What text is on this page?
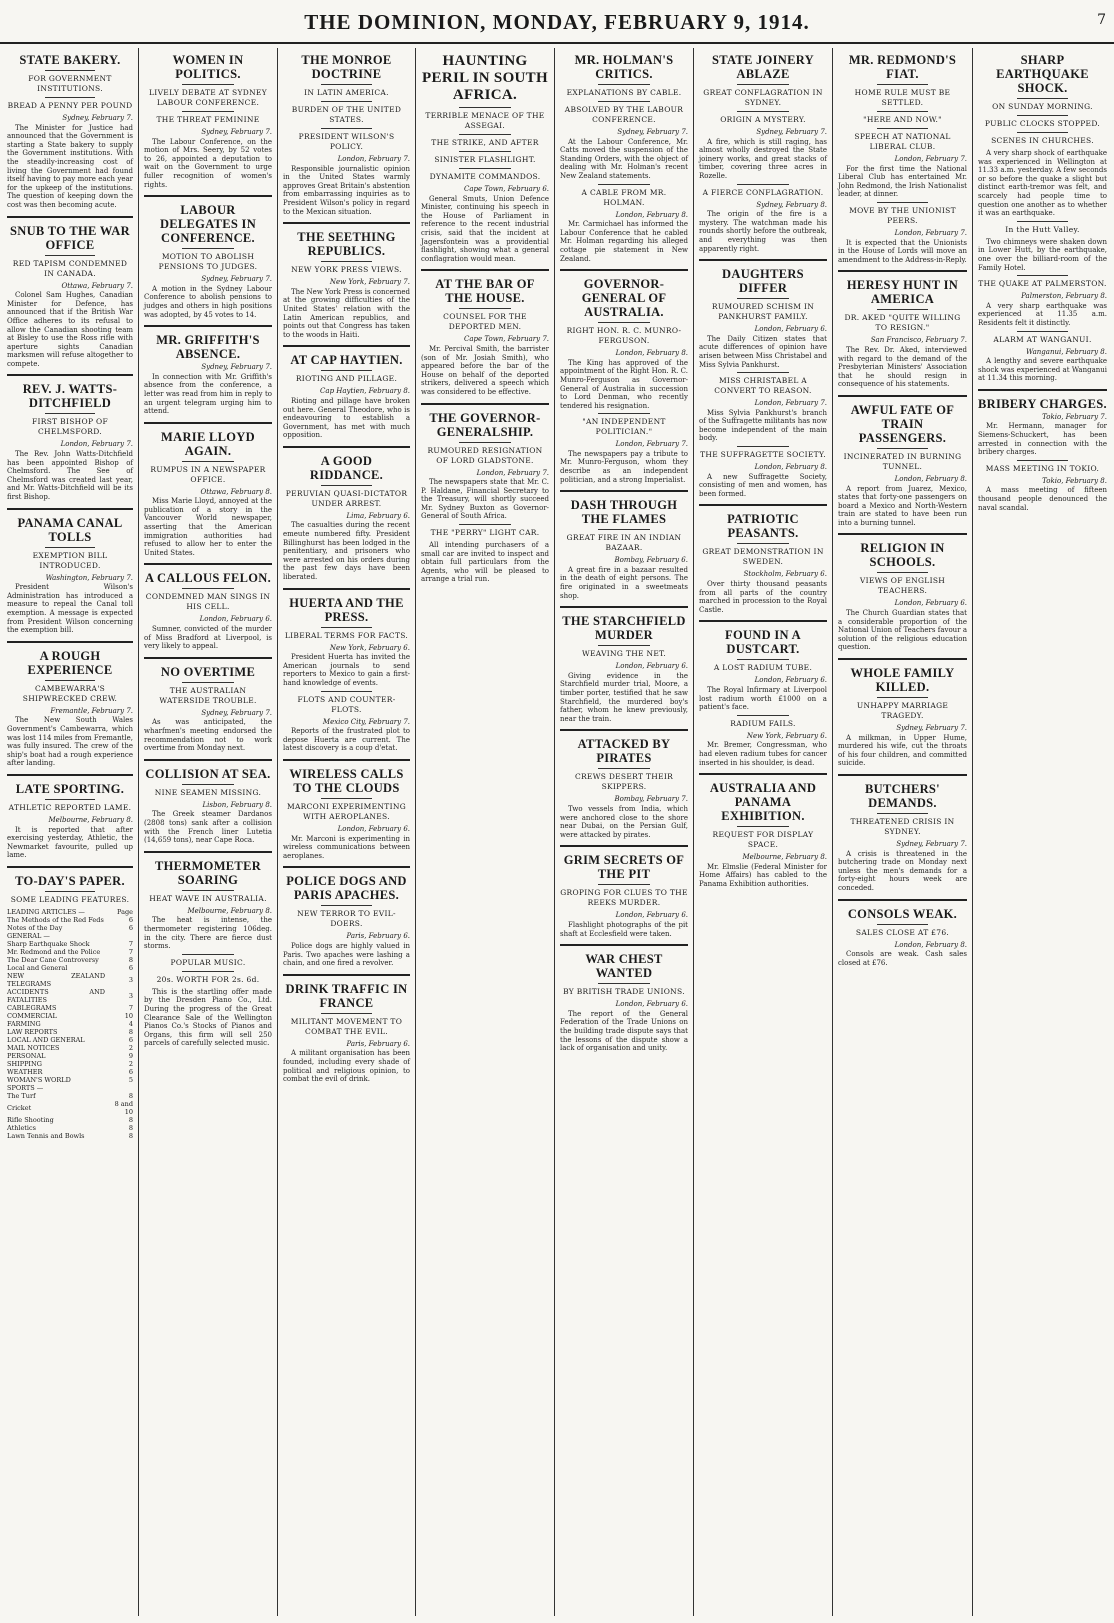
THE DOMINION, MONDAY, FEBRUARY 9, 1914.	7
STATE BAKERY.
FOR GOVERNMENT INSTITUTIONS.
BREAD A PENNY PER POUND
Sydney, February 7.
The Minister for Justice had announced that the Government is starting a State bakery to supply the Government institutions. With the steadily-increasing cost of living the Government had found itself having to pay more each year for the upkeep of the institutions. The question of keeping down the cost was then becoming acute.
SNUB TO THE WAR OFFICE
RED TAPISM CONDEMNED IN CANADA.
Ottawa, February 7.
Colonel Sam Hughes, Canadian Minister for Defence, has announced that if the British War Office adheres to its refusal to allow the Canadian shooting team at Bisley to use the Ross rifle with aperture sights Canadian marksmen will refuse altogether to compete.
REV. J. WATTS-DITCHFIELD
FIRST BISHOP OF CHELMSFORD.
London, February 7.
The Rev. John Watts-Ditchfield has been appointed Bishop of Chelmsford. The See of Chelmsford was created last year, and Mr. Watts-Ditchfield will be its first Bishop.
PANAMA CANAL TOLLS
EXEMPTION BILL INTRODUCED.
Washington, February 7.
President Wilson's Administration has introduced a measure to repeal the Canal toll exemption. A message is expected from President Wilson concerning the exemption bill.
A ROUGH EXPERIENCE
CAMBEWARRA'S SHIPWRECKED CREW.
Fremantle, February 7.
The New South Wales Government's Cambewarra, which was lost 114 miles from Fremantle, was fully insured. The crew of the ship's boat had a rough experience after landing.
LATE SPORTING.
ATHLETIC REPORTED LAME.
Melbourne, February 8.
It is reported that after exercising yesterday, Athletic, the Newmarket favourite, pulled up lame.
TO-DAY'S PAPER.
SOME LEADING FEATURES.
LEADING ARTICLES —	Page
The Methods of the Red Feds	6
Notes of the Day	6
GENERAL —	
Sharp Earthquake Shock	7
Mr. Redmond and the Police	7
The Dear Cane Controversy	8
Local and General	6
NEW ZEALAND TELEGRAMS	3
ACCIDENTS AND FATALITIES	3
CABLEGRAMS	7
COMMERCIAL	10
FARMING	4
LAW REPORTS	8
LOCAL AND GENERAL	6
MAIL NOTICES	2
PERSONAL	9
SHIPPING	2
WEATHER	6
WOMAN'S WORLD	5
SPORTS —	
The Turf	8
Cricket	8 and 10
Rifle Shooting	8
Athletics	8
Lawn Tennis and Bowls	8
WOMEN IN POLITICS.
LIVELY DEBATE AT SYDNEY LABOUR CONFERENCE.
THE THREAT FEMININE
Sydney, February 7.
The Labour Conference, on the motion of Mrs. Seery, by 52 votes to 26, appointed a deputation to wait on the Government to urge fuller recognition of women's rights.
LABOUR DELEGATES IN CONFERENCE.
MOTION TO ABOLISH PENSIONS TO JUDGES.
Sydney, February 7.
A motion in the Sydney Labour Conference to abolish pensions to judges and others in high positions was adopted, by 45 votes to 14.
MR. GRIFFITH'S ABSENCE.
Sydney, February 7.
In connection with Mr. Griffith's absence from the conference, a letter was read from him in reply to an urgent telegram urging him to attend.
MARIE LLOYD AGAIN.
RUMPUS IN A NEWSPAPER OFFICE.
Ottawa, February 8.
Miss Marie Lloyd, annoyed at the publication of a story in the Vancouver World newspaper, asserting that the American immigration authorities had refused to allow her to enter the United States.
A CALLOUS FELON.
CONDEMNED MAN SINGS IN HIS CELL.
London, February 6.
Sumner, convicted of the murder of Miss Bradford at Liverpool, is very likely to appeal.
NO OVERTIME
THE AUSTRALIAN WATERSIDE TROUBLE.
Sydney, February 7.
As was anticipated, the wharfmen's meeting endorsed the recommendation not to work overtime from Monday next.
COLLISION AT SEA.
NINE SEAMEN MISSING.
Lisbon, February 8.
The Greek steamer Dardanos (2808 tons) sank after a collision with the French liner Lutetia (14,659 tons), near Cape Roca.
THERMOMETER SOARING
HEAT WAVE IN AUSTRALIA.
Melbourne, February 8.
The heat is intense, the thermometer registering 106deg. in the city. There are fierce dust storms.
POPULAR MUSIC.
20s. WORTH FOR 2s. 6d.
This is the startling offer made by the Dresden Piano Co., Ltd. During the progress of the Great Clearance Sale of the Wellington Pianos Co.'s Stocks of Pianos and Organs, this firm will sell 250 parcels of carefully selected music.
THE MONROE DOCTRINE
IN LATIN AMERICA.
BURDEN OF THE UNITED STATES.
PRESIDENT WILSON'S POLICY.
London, February 7.
Responsible journalistic opinion in the United States warmly approves Great Britain's abstention from embarrassing inquiries as to President Wilson's policy in regard to the Mexican situation.
THE SEETHING REPUBLICS.
NEW YORK PRESS VIEWS.
New York, February 7.
The New York Press is concerned at the growing difficulties of the United States' relation with the Latin American republics, and points out that Congress has taken to the woods in Haiti.
AT CAP HAYTIEN.
RIOTING AND PILLAGE.
Cap Haytien, February 8.
Rioting and pillage have broken out here. General Theodore, who is endeavouring to establish a Government, has met with much opposition.
A GOOD RIDDANCE.
PERUVIAN QUASI-DICTATOR UNDER ARREST.
Lima, February 6.
The casualties during the recent emeute numbered fifty. President Billinghurst has been lodged in the penitentiary, and prisoners who were arrested on his orders during the past few days have been liberated.
HUERTA AND THE PRESS.
LIBERAL TERMS FOR FACTS.
New York, February 6.
President Huerta has invited the American journals to send reporters to Mexico to gain a first-hand knowledge of events.
FLOTS AND COUNTER-FLOTS.
Mexico City, February 7.
Reports of the frustrated plot to depose Huerta are current. The latest discovery is a coup d'etat.
WIRELESS CALLS TO THE CLOUDS
MARCONI EXPERIMENTING WITH AEROPLANES.
London, February 6.
Mr. Marconi is experimenting in wireless communications between aeroplanes.
POLICE DOGS AND PARIS APACHES.
NEW TERROR TO EVIL-DOERS.
Paris, February 6.
Police dogs are highly valued in Paris. Two apaches were lashing a chain, and one fired a revolver.
DRINK TRAFFIC IN FRANCE
MILITANT MOVEMENT TO COMBAT THE EVIL.
Paris, February 6.
A militant organisation has been founded, including every shade of political and religious opinion, to combat the evil of drink.
HAUNTING PERIL IN SOUTH AFRICA.
TERRIBLE MENACE OF THE ASSEGAI.
THE STRIKE, AND AFTER
SINISTER FLASHLIGHT.
DYNAMITE COMMANDOS.
Cape Town, February 6.
General Smuts, Union Defence Minister, continuing his speech in the House of Parliament in reference to the recent industrial crisis, said that the incident at Jagersfontein was a providential flashlight, showing what a general conflagration would mean.
AT THE BAR OF THE HOUSE.
COUNSEL FOR THE DEPORTED MEN.
Cape Town, February 7.
Mr. Percival Smith, the barrister (son of Mr. Josiah Smith), who appeared before the bar of the House on behalf of the deported strikers, delivered a speech which was considered to be effective.
THE GOVERNOR-GENERALSHIP.
RUMOURED RESIGNATION OF LORD GLADSTONE.
London, February 7.
The newspapers state that Mr. C. P. Haldane, Financial Secretary to the Treasury, will shortly succeed Mr. Sydney Buxton as Governor-General of South Africa.
THE "PERRY" LIGHT CAR.
All intending purchasers of a small car are invited to inspect and obtain full particulars from the Agents, who will be pleased to arrange a trial run.
MR. HOLMAN'S CRITICS.
EXPLANATIONS BY CABLE.
ABSOLVED BY THE LABOUR CONFERENCE.
Sydney, February 7.
At the Labour Conference, Mr. Catts moved the suspension of the Standing Orders, with the object of dealing with Mr. Holman's recent New Zealand statements.
A CABLE FROM MR. HOLMAN.
London, February 8.
Mr. Carmichael has informed the Labour Conference that he cabled Mr. Holman regarding his alleged cottage pie statement in New Zealand.
GOVERNOR-GENERAL OF AUSTRALIA.
RIGHT HON. R. C. MUNRO-FERGUSON.
London, February 8.
The King has approved of the appointment of the Right Hon. R. C. Munro-Ferguson as Governor-General of Australia in succession to Lord Denman, who recently tendered his resignation.
"AN INDEPENDENT POLITICIAN."
London, February 7.
The newspapers pay a tribute to Mr. Munro-Ferguson, whom they describe as an independent politician, and a strong Imperialist.
DASH THROUGH THE FLAMES
GREAT FIRE IN AN INDIAN BAZAAR.
Bombay, February 6.
A great fire in a bazaar resulted in the death of eight persons. The fire originated in a sweetmeats shop.
THE STARCHFIELD MURDER
WEAVING THE NET.
London, February 6.
Giving evidence in the Starchfield murder trial, Moore, a timber porter, testified that he saw Starchfield, the murdered boy's father, whom he knew previously, near the train.
ATTACKED BY PIRATES
CREWS DESERT THEIR SKIPPERS.
Bombay, February 7.
Two vessels from India, which were anchored close to the shore near Dubai, on the Persian Gulf, were attacked by pirates.
GRIM SECRETS OF THE PIT
GROPING FOR CLUES TO THE REEKS MURDER.
London, February 6.
Flashlight photographs of the pit shaft at Ecclesfield were taken.
WAR CHEST WANTED
BY BRITISH TRADE UNIONS.
London, February 6.
The report of the General Federation of the Trade Unions on the building trade dispute says that the lessons of the dispute show a lack of organisation and unity.
STATE JOINERY ABLAZE
GREAT CONFLAGRATION IN SYDNEY.
ORIGIN A MYSTERY.
Sydney, February 7.
A fire, which is still raging, has almost wholly destroyed the State joinery works, and great stacks of timber, covering three acres in Rozelle.
A FIERCE CONFLAGRATION.
Sydney, February 8.
The origin of the fire is a mystery. The watchman made his rounds shortly before the outbreak, and everything was then apparently right.
DAUGHTERS DIFFER
RUMOURED SCHISM IN PANKHURST FAMILY.
London, February 6.
The Daily Citizen states that acute differences of opinion have arisen between Miss Christabel and Miss Sylvia Pankhurst.
MISS CHRISTABEL A CONVERT TO REASON.
London, February 7.
Miss Sylvia Pankhurst's branch of the Suffragette militants has now become independent of the main body.
THE SUFFRAGETTE SOCIETY.
London, February 8.
A new Suffragette Society, consisting of men and women, has been formed.
PATRIOTIC PEASANTS.
GREAT DEMONSTRATION IN SWEDEN.
Stockholm, February 6.
Over thirty thousand peasants from all parts of the country marched in procession to the Royal Castle.
FOUND IN A DUSTCART.
A LOST RADIUM TUBE.
London, February 6.
The Royal Infirmary at Liverpool lost radium worth £1000 on a patient's face.
RADIUM FAILS.
New York, February 6.
Mr. Bremer, Congressman, who had eleven radium tubes for cancer inserted in his shoulder, is dead.
AUSTRALIA AND PANAMA EXHIBITION.
REQUEST FOR DISPLAY SPACE.
Melbourne, February 8.
Mr. Elmslie (Federal Minister for Home Affairs) has cabled to the Panama Exhibition authorities.
MR. REDMOND'S FIAT.
HOME RULE MUST BE SETTLED.
"HERE AND NOW."
SPEECH AT NATIONAL LIBERAL CLUB.
London, February 7.
For the first time the National Liberal Club has entertained Mr. John Redmond, the Irish Nationalist leader, at dinner.
MOVE BY THE UNIONIST PEERS.
London, February 7.
It is expected that the Unionists in the House of Lords will move an amendment to the Address-in-Reply.
HERESY HUNT IN AMERICA
DR. AKED "QUITE WILLING TO RESIGN."
San Francisco, February 7.
The Rev. Dr. Aked, interviewed with regard to the demand of the Presbyterian Ministers' Association that he should resign in consequence of his statements.
AWFUL FATE OF TRAIN PASSENGERS.
INCINERATED IN BURNING TUNNEL.
London, February 8.
A report from Juarez, Mexico, states that forty-one passengers on board a Mexico and North-Western train are stated to have been run into a burning tunnel.
RELIGION IN SCHOOLS.
VIEWS OF ENGLISH TEACHERS.
London, February 6.
The Church Guardian states that a considerable proportion of the National Union of Teachers favour a solution of the religious education question.
WHOLE FAMILY KILLED.
UNHAPPY MARRIAGE TRAGEDY.
Sydney, February 7.
A milkman, in Upper Hume, murdered his wife, cut the throats of his four children, and committed suicide.
BUTCHERS' DEMANDS.
THREATENED CRISIS IN SYDNEY.
Sydney, February 7.
A crisis is threatened in the butchering trade on Monday next unless the men's demands for a forty-eight hours week are conceded.
CONSOLS WEAK.
SALES CLOSE AT £76.
London, February 8.
Consols are weak. Cash sales closed at £76.
SHARP EARTHQUAKE SHOCK.
ON SUNDAY MORNING.
PUBLIC CLOCKS STOPPED.
SCENES IN CHURCHES.
A very sharp shock of earthquake was experienced in Wellington at 11.33 a.m. yesterday. A few seconds or so before the quake a slight but distinct earth-tremor was felt, and scarcely had people time to question one another as to whether it was an earthquake.
In the Hutt Valley.
Two chimneys were shaken down in Lower Hutt, by the earthquake, one over the billiard-room of the Family Hotel.
THE QUAKE AT PALMERSTON.
Palmerston, February 8.
A very sharp earthquake was experienced at 11.35 a.m. Residents felt it distinctly.
ALARM AT WANGANUI.
Wanganui, February 8.
A lengthy and severe earthquake shock was experienced at Wanganui at 11.34 this morning.
BRIBERY CHARGES.
Tokio, February 7.
Mr. Hermann, manager for Siemens-Schuckert, has been arrested in connection with the bribery charges.
MASS MEETING IN TOKIO.
Tokio, February 8.
A mass meeting of fifteen thousand people denounced the naval scandal.
